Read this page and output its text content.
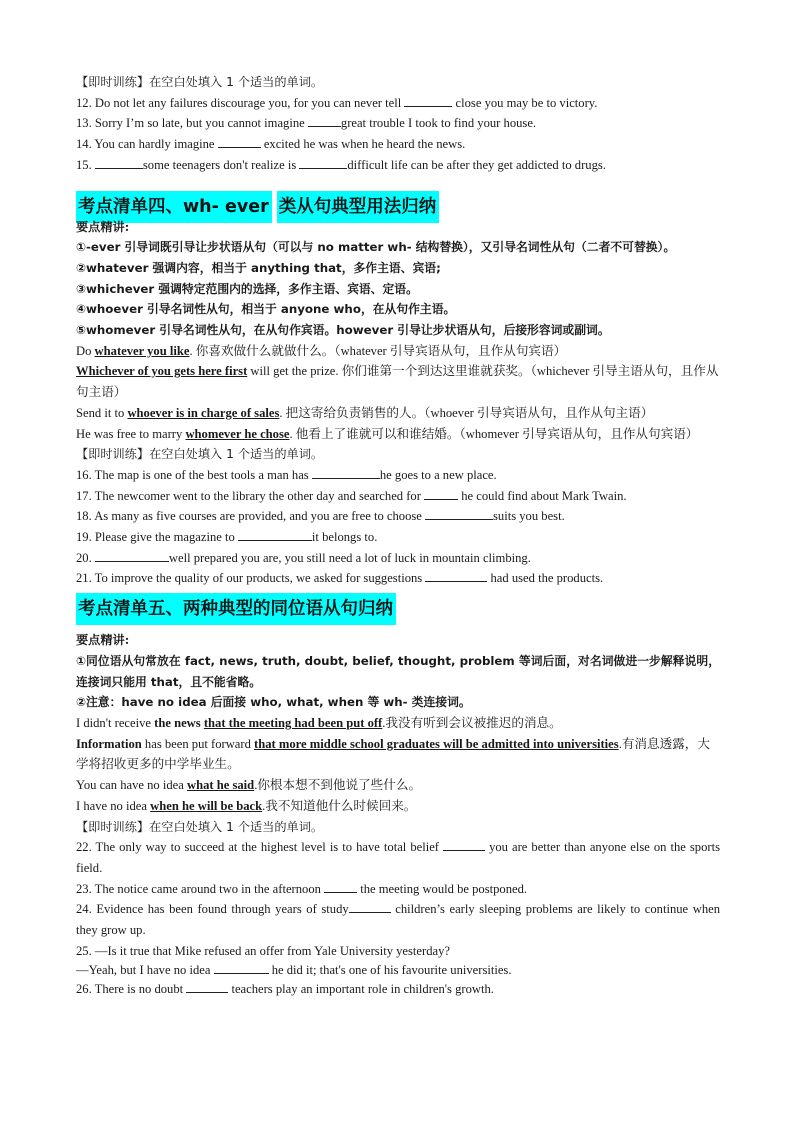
【即时训练】在空白处填入 1 个适当的单词。
12. Do not let any failures discourage you, for you can never tell	close you may be to victory.
13. Sorry I’m so late, but you cannot imagine	great trouble I took to find your house.
14. You can hardly imagine	excited he was when he heard the news.
15.	some teenagers don't realize is	difficult life can be after they get addicted to drugs.
考点清单四、wh- ever 类从句典型用法归纳
要点精讲:
①-ever 引导词既引导让步状语从句（可以与 no matter wh- 结构替换），又引导名词性从句（二者不可替换）。
②whatever 强调内容，相当于 anything that，多作主语、宾语;
③whichever 强调特定范围内的选择，多作主语、宾语、定语。
④whoever 引导名词性从句，相当于 anyone who，在从句作主语。
⑤whomever 引导名词性从句，在从句作宾语。however 引导让步状语从句，后接形容词或副词。
Do whatever you like. 你喜欢做什么就做什么。（whatever 引导宾语从句，且作从句宾语）
Whichever of you gets here first will get the prize. 你们谁第一个到达这里谁就获奖。（whichever 引导主语从句，且作从句主语）
Send it to whoever is in charge of sales. 把这寄给负责销售的人。（whoever 引导宾语从句，且作从句主语）
He was free to marry whomever he chose. 他看上了谁就可以和谁结婚。（whomever 引导宾语从句，且作从句宾语）
【即时训练】在空白处填入 1 个适当的单词。
16. The map is one of the best tools a man has	he goes to a new place.
17. The newcomer went to the library the other day and searched for	he could find about Mark Twain.
18. As many as five courses are provided, and you are free to choose	suits you best.
19. Please give the magazine to	it belongs to.
20.	well prepared you are, you still need a lot of luck in mountain climbing.
21. To improve the quality of our products, we asked for suggestions	had used the products.
考点清单五、两种典型的同位语从句归纳
要点精讲:
①同位语从句常放在 fact, news, truth, doubt, belief, thought, problem 等词后面，对名词做进一步解释说明，连接词只能用 that，且不能省略。
②注意：have no idea 后面接 who, what, when 等 wh- 类连接词。
I didn't receive the news that the meeting had been put off.我没有听到会议被推迟的消息。
Information has been put forward that more middle school graduates will be admitted into universities.有消息透露，大学将招收更多的中学毕业生。
You can have no idea what he said.你根本想不到他说了些什么。
I have no idea when he will be back.我不知道他什么时候回来。
【即时训练】在空白处填入 1 个适当的单词。
22. The only way to succeed at the highest level is to have total belief	you are better than anyone else on the sports field.
23. The notice came around two in the afternoon	the meeting would be postponed.
24. Evidence has been found through years of study	children’s early sleeping problems are likely to continue when they grow up.
25. —Is it true that Mike refused an offer from Yale University yesterday?
—Yeah, but I have no idea	he did it; that's one of his favourite universities.
26. There is no doubt	teachers play an important role in children's growth.
